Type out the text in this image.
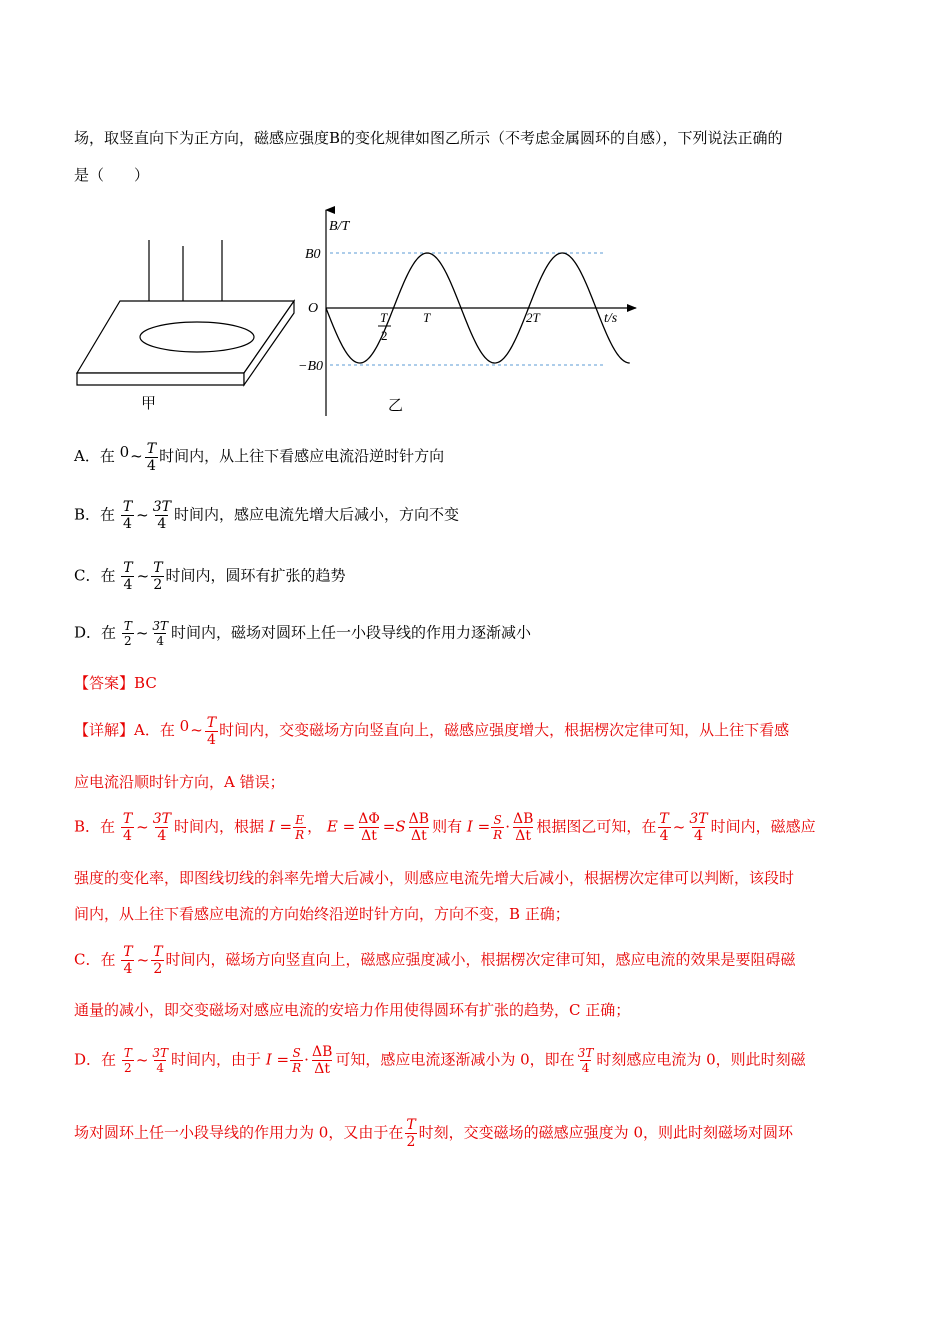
场，取竖直向下为正方向，磁感应强度B的变化规律如图乙所示（不考虑金属圆环的自感），下列说法正确的
是（　　）
甲
B/T
t/s
O
B0
−B0
T
2
T	2T
乙
A．在 0~ $\frac{T}{4}$ 时间内，从上往下看感应电流沿逆时针方向
B．在 $\frac{T}{4}$ ~ $\frac{3T}{4}$ 时间内，感应电流先增大后减小，方向不变
C．在 $\frac{T}{4}$ ~ $\frac{T}{2}$ 时间内，圆环有扩张的趋势
D．在 $\frac{T}{2}$ ~ $\frac{3T}{4}$ 时间内，磁场对圆环上任一小段导线的作用力逐渐减小
【答案】BC
【详解】A．在 0~ $\frac{T}{4}$ 时间内，交变磁场方向竖直向上，磁感应强度增大，根据楞次定律可知，从上往下看感
应电流沿顺时针方向，A 错误；
B．在 $\frac{T}{4}$ ~ $\frac{3T}{4}$ 时间内，根据 $I = \frac{E}{R}$ ， $E = \frac{\Delta\Phi}{\Delta t} =S \frac{\Delta B}{\Delta t}$ 则有 $I = \frac{S}{R} \cdot \frac{\Delta B}{\Delta t}$ 根据图乙可知，在 $\frac{T}{4}$ ~ $\frac{3T}{4}$ 时间内，磁感应
强度的变化率，即图线切线的斜率先增大后减小，则感应电流先增大后减小，根据楞次定律可以判断，该段时
间内，从上往下看感应电流的方向始终沿逆时针方向，方向不变，B 正确；
C．在 $\frac{T}{4}$ ~ $\frac{T}{2}$ 时间内，磁场方向竖直向上，磁感应强度减小，根据楞次定律可知，感应电流的效果是要阻碍磁
通量的减小，即交变磁场对感应电流的安培力作用使得圆环有扩张的趋势，C 正确；
D．在 $\frac{T}{2}$ ~ $\frac{3T}{4}$ 时间内，由于 $I = \frac{S}{R} \cdot \frac{\Delta B}{\Delta t}$ 可知，感应电流逐渐减小为 0，即在 $\frac{3T}{4}$ 时刻感应电流为 0，则此时刻磁
场对圆环上任一小段导线的作用力为 0，又由于在 $\frac{T}{2}$ 时刻，交变磁场的磁感应强度为 0，则此时刻磁场对圆环
